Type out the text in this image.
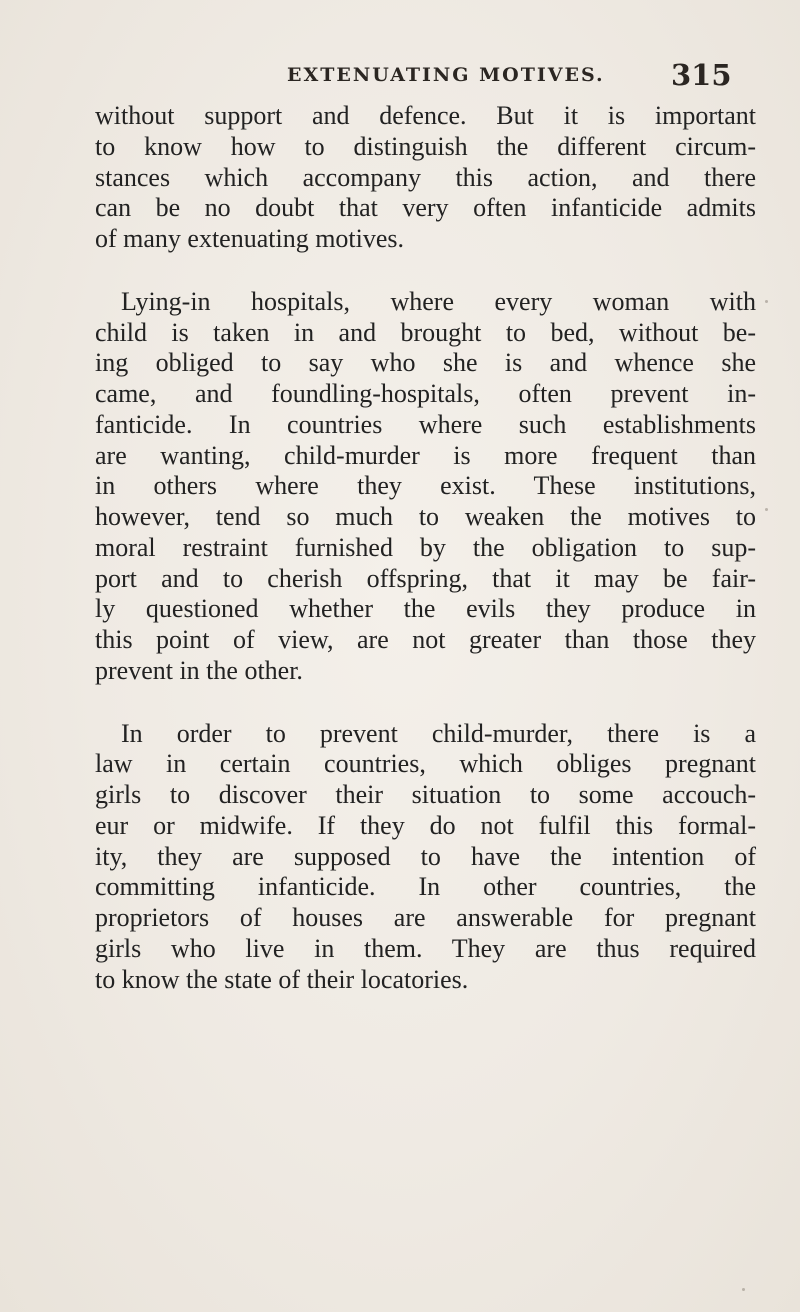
EXTENUATING MOTIVES. 315
without support and defence. But it is important
to know how to distinguish the different circum-
stances which accompany this action, and there
can be no doubt that very often infanticide admits
of many extenuating motives.
Lying-in hospitals, where every woman with
child is taken in and brought to bed, without be-
ing obliged to say who she is and whence she
came, and foundling-hospitals, often prevent in-
fanticide. In countries where such establishments
are wanting, child-murder is more frequent than
in others where they exist. These institutions,
however, tend so much to weaken the motives to
moral restraint furnished by the obligation to sup-
port and to cherish offspring, that it may be fair-
ly questioned whether the evils they produce in
this point of view, are not greater than those they
prevent in the other.
In order to prevent child-murder, there is a
law in certain countries, which obliges pregnant
girls to discover their situation to some accouch-
eur or midwife. If they do not fulfil this formal-
ity, they are supposed to have the intention of
committing infanticide. In other countries, the
proprietors of houses are answerable for pregnant
girls who live in them. They are thus required
to know the state of their locatories.
